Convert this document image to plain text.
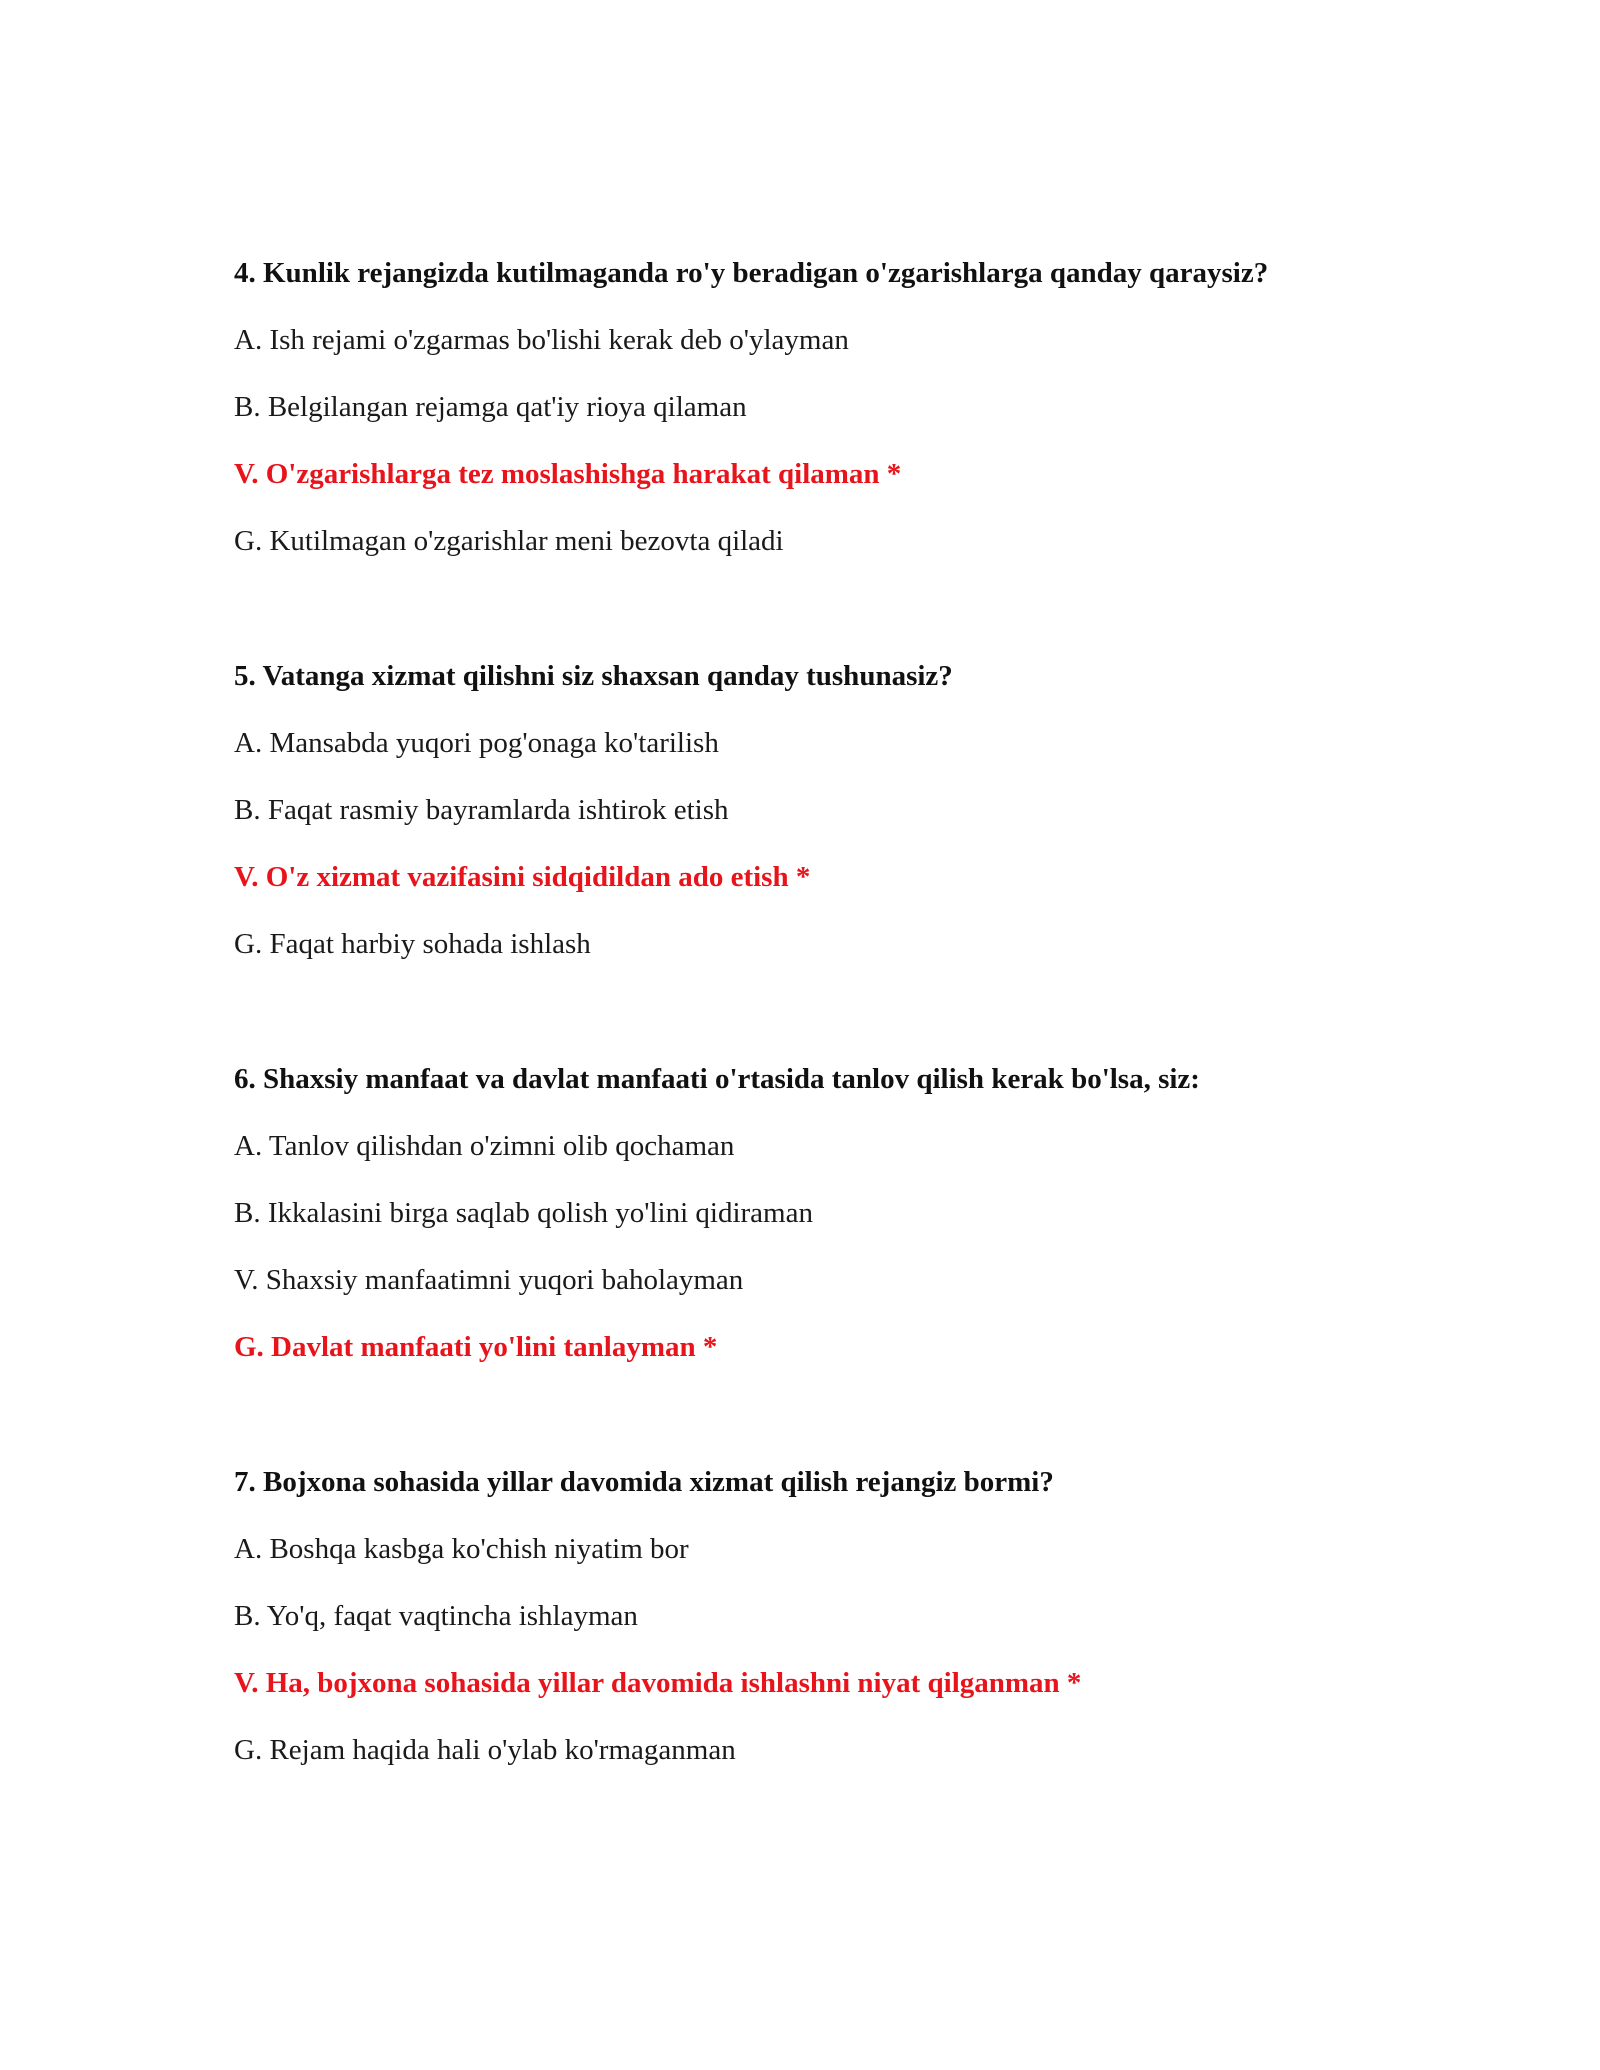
4. Kunlik rejangizda kutilmaganda ro'y beradigan o'zgarishlarga qanday qaraysiz?
A. Ish rejami o'zgarmas bo'lishi kerak deb o'ylayman
B. Belgilangan rejamga qat'iy rioya qilaman
V. O'zgarishlarga tez moslashishga harakat qilaman *
G. Kutilmagan o'zgarishlar meni bezovta qiladi
5. Vatanga xizmat qilishni siz shaxsan qanday tushunasiz?
A. Mansabda yuqori pog'onaga ko'tarilish
B. Faqat rasmiy bayramlarda ishtirok etish
V. O'z xizmat vazifasini sidqidildan ado etish *
G. Faqat harbiy sohada ishlash
6. Shaxsiy manfaat va davlat manfaati o'rtasida tanlov qilish kerak bo'lsa, siz:
A. Tanlov qilishdan o'zimni olib qochaman
B. Ikkalasini birga saqlab qolish yo'lini qidiraman
V. Shaxsiy manfaatimni yuqori baholayman
G. Davlat manfaati yo'lini tanlayman *
7. Bojxona sohasida yillar davomida xizmat qilish rejangiz bormi?
A. Boshqa kasbga ko'chish niyatim bor
B. Yo'q, faqat vaqtincha ishlayman
V. Ha, bojxona sohasida yillar davomida ishlashni niyat qilganman *
G. Rejam haqida hali o'ylab ko'rmaganman
